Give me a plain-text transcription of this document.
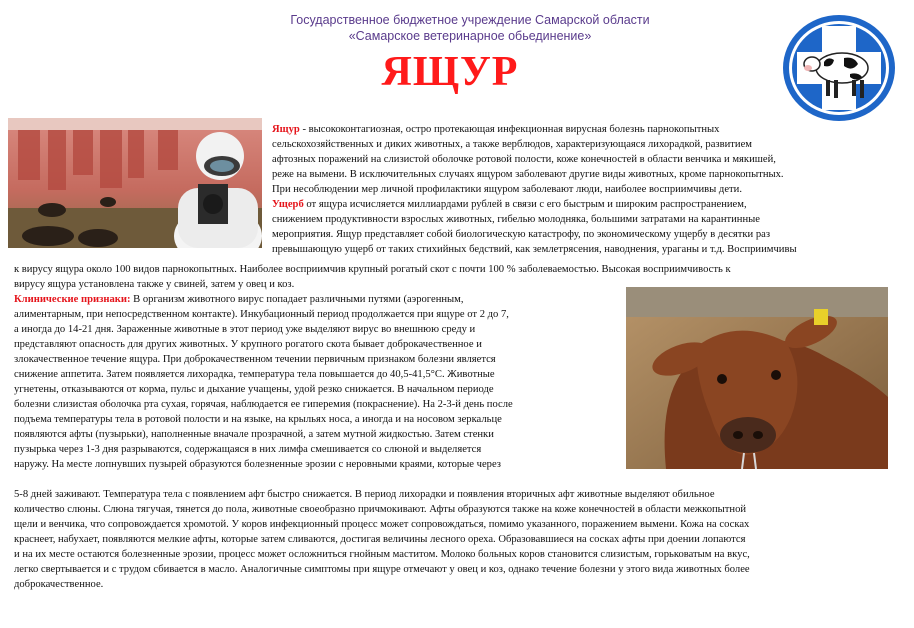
Государственное бюджетное учреждение Самарской области
«Самарское ветеринарное обьединение»
ЯЩУР
Ящур - высококонтагиозная, остро протекающая инфекционная вирусная болезнь парнокопытных
сельскохозяйственных и диких животных, а также верблюдов, характеризующаяся лихорадкой, развитием
афтозных поражений на слизистой оболочке ротовой полости, коже конечностей в области венчика и мякишей,
реже на вымени. В исключительных случаях ящуром заболевают другие виды животных, кроме парнокопытных.
При несоблюдении мер личной профилактики ящуром заболевают люди, наиболее восприимчивы дети.
Ущерб от ящура исчисляется миллиардами рублей в связи с его быстрым и широким распространением,
снижением продуктивности взрослых животных, гибелью молодняка, большими затратами на карантинные
мероприятия. Ящур представляет собой биологическую катастрофу, по экономическому ущербу в десятки раз
превышающую ущерб от таких стихийных бедствий, как землетрясения, наводнения, ураганы и т.д. Восприимчивы
к вирусу ящура около 100 видов парнокопытных. Наиболее восприимчив крупный рогатый скот с почти 100 % заболеваемостью. Высокая восприимчивость к
вирусу ящура установлена также у свиней, затем у овец и коз.
Клинические признаки: В организм животного вирус попадает различными путями (аэрогенным,
алиментарным, при непосредственном контакте). Инкубационный период продолжается при ящуре от 2 до 7,
а иногда до 14-21 дня. Зараженные животные в этот период уже выделяют вирус во внешнюю среду и
представляют опасность для других животных. У крупного рогатого скота бывает доброкачественное и
злокачественное течение ящура. При доброкачественном течении первичным признаком болезни является
снижение аппетита. Затем появляется лихорадка, температура тела повышается до 40,5-41,5°С. Животные
угнетены, отказываются от корма, пульс и дыхание учащены, удой резко снижается. В начальном периоде
болезни слизистая оболочка рта сухая, горячая, наблюдается ее гиперемия (покраснение). На 2-3-й день после
подъема температуры тела в ротовой полости и на языке, на крыльях носа, а иногда и на носовом зеркальце
появляются афты (пузырьки), наполненные вначале прозрачной, а затем мутной жидкостью. Затем стенки
пузырька через 1-3 дня разрываются, содержащаяся в них лимфа смешивается со слюной и выделяется
наружу. На месте лопнувших пузырей образуются болезненные эрозии с неровными краями, которые через
5-8 дней заживают. Температура тела с появлением афт быстро снижается. В период лихорадки и появления вторичных афт животные выделяют обильное
количество слюны. Слюна тягучая, тянется до пола, животные своеобразно причмокивают. Афты образуются также на коже конечностей в области межкопытной
щели и венчика, что сопровождается хромотой. У коров инфекционный процесс может сопровождаться, помимо указанного, поражением вымени. Кожа на сосках
краснеет, набухает, появляются мелкие афты, которые затем сливаются, достигая величины лесного ореха. Образовавшиеся на сосках афты при доении лопаются
и на их месте остаются болезненные эрозии, процесс может осложниться гнойным маститом. Молоко больных коров становится слизистым, горьковатым на вкус,
легко свертывается и с трудом сбивается в масло. Аналогичные симптомы при ящуре отмечают у овец и коз, однако течение болезни у этого вида животных более
доброкачественное.
